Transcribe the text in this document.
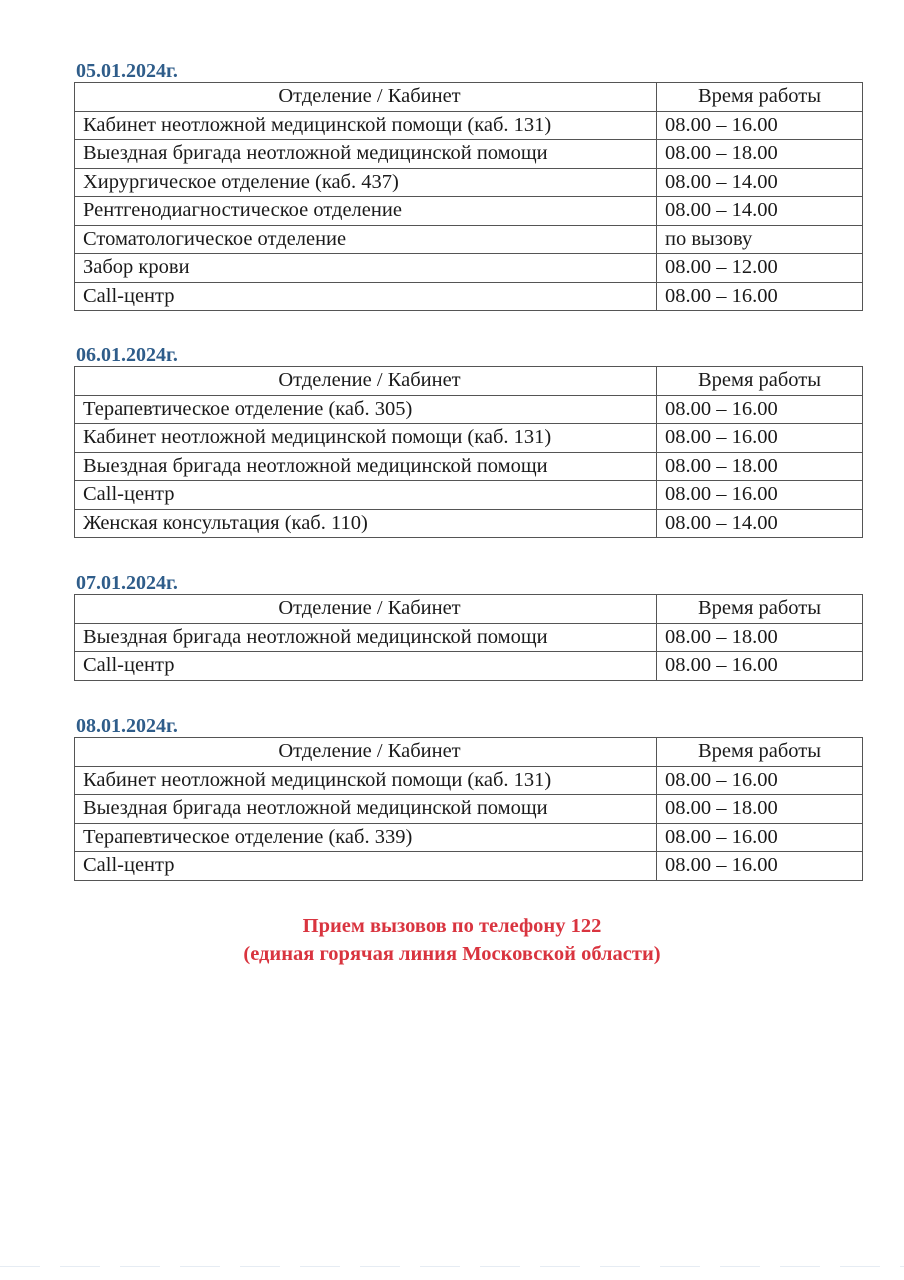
05.01.2024г.
Отделение / Кабинет	Время работы
Кабинет неотложной медицинской помощи (каб. 131)	08.00 – 16.00
Выездная бригада неотложной медицинской помощи	08.00 – 18.00
Хирургическое отделение (каб. 437)	08.00 – 14.00
Рентгенодиагностическое отделение	08.00 – 14.00
Стоматологическое отделение	по вызову
Забор крови	08.00 – 12.00
Call-центр	08.00 – 16.00
06.01.2024г.
Отделение / Кабинет	Время работы
Терапевтическое отделение (каб. 305)	08.00 – 16.00
Кабинет неотложной медицинской помощи (каб. 131)	08.00 – 16.00
Выездная бригада неотложной медицинской помощи	08.00 – 18.00
Call-центр	08.00 – 16.00
Женская консультация (каб. 110)	08.00 – 14.00
07.01.2024г.
Отделение / Кабинет	Время работы
Выездная бригада неотложной медицинской помощи	08.00 – 18.00
Call-центр	08.00 – 16.00
08.01.2024г.
Отделение / Кабинет	Время работы
Кабинет неотложной медицинской помощи (каб. 131)	08.00 – 16.00
Выездная бригада неотложной медицинской помощи	08.00 – 18.00
Терапевтическое отделение (каб. 339)	08.00 – 16.00
Call-центр	08.00 – 16.00
Прием вызовов по телефону 122
(единая горячая линия Московской области)
